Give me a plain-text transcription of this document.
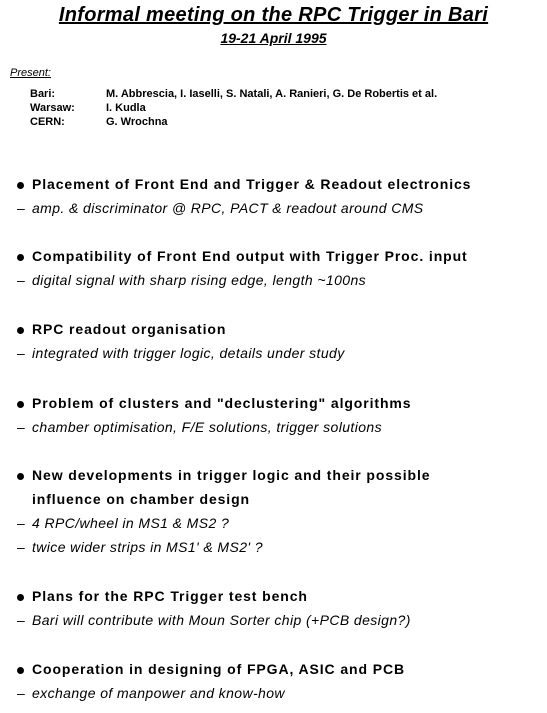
Informal meeting on the RPC Trigger in Bari
19-21 April 1995
Present:
Bari:	M. Abbrescia, I. Iaselli, S. Natali, A. Ranieri, G. De Robertis et al.
Warsaw:	I. Kudla
CERN:	G. Wrochna
Placement of Front End and Trigger & Readout electronics
– amp. & discriminator @ RPC, PACT & readout around CMS
Compatibility of Front End output with Trigger Proc. input
– digital signal with sharp rising edge, length ~100ns
RPC readout organisation
– integrated with trigger logic, details under study
Problem of clusters and "declustering" algorithms
– chamber optimisation, F/E solutions, trigger solutions
New developments in trigger logic and their possible
influence on chamber design
– 4 RPC/wheel in MS1 & MS2 ?
– twice wider strips in MS1' & MS2' ?
Plans for the RPC Trigger test bench
– Bari will contribute with Moun Sorter chip (+PCB design?)
Cooperation in designing of FPGA, ASIC and PCB
– exchange of manpower and know-how
